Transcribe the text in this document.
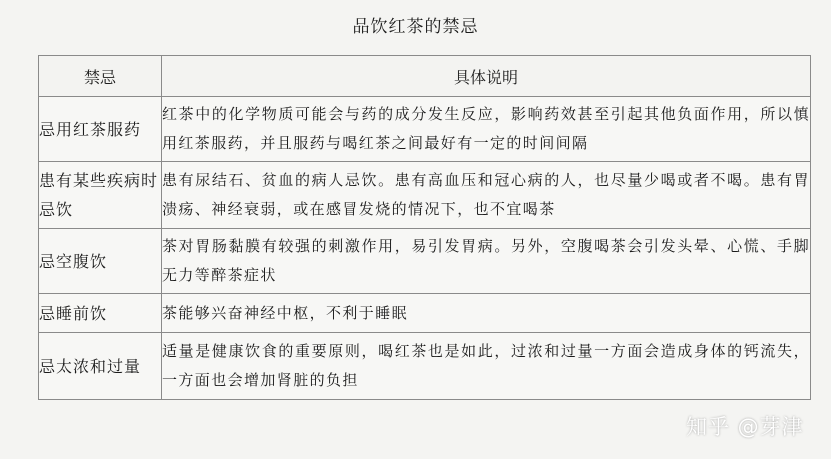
品饮红茶的禁忌
禁忌	具体说明
忌用红茶服药	红茶中的化学物质可能会与药的成分发生反应，影响药效甚至引起其他负面作用，所以慎用红茶服药，并且服药与喝红茶之间最好有一定的时间间隔
患有某些疾病时忌饮	患有尿结石、贫血的病人忌饮。患有高血压和冠心病的人，也尽量少喝或者不喝。患有胃溃疡、神经衰弱，或在感冒发烧的情况下，也不宜喝茶
忌空腹饮	茶对胃肠黏膜有较强的刺激作用，易引发胃病。另外，空腹喝茶会引发头晕、心慌、手脚无力等醉茶症状
忌睡前饮	茶能够兴奋神经中枢，不利于睡眠
忌太浓和过量	适量是健康饮食的重要原则，喝红茶也是如此，过浓和过量一方面会造成身体的钙流失，一方面也会增加肾脏的负担
知乎 @芽津
